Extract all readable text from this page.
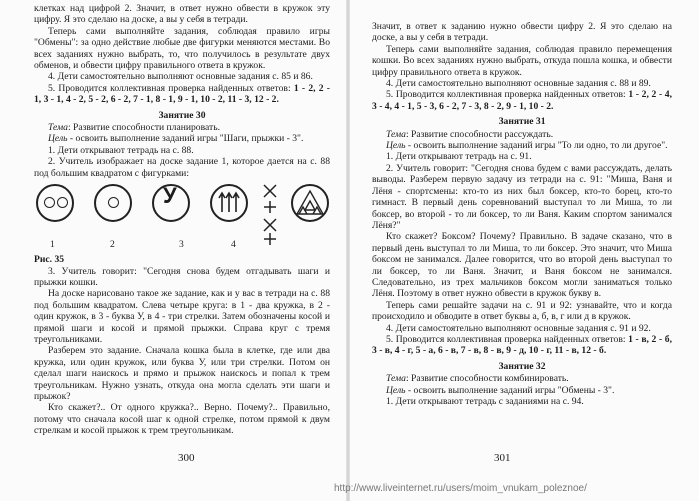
клетках над цифрой 2. Значит, в ответ нужно обвести в кружок эту цифру. Я это сделаю на доске, а вы у себя в тетради.

Теперь сами выполняйте задания, соблюдая правило игры "Обмены": за одно действие любые две фигурки меняются местами. Во всех заданиях нужно выбрать, то, что получилось в результате двух обменов, и обвести цифру правильного ответа в кружок.

4. Дети самостоятельно выполняют основные задания с. 85 и 86.

5. Проводится коллективная проверка найденных ответов: 1 - 2, 2 - 1, 3 - 1, 4 - 2, 5 - 2, 6 - 2, 7 - 1, 8 - 1, 9 - 1, 10 - 2, 11 - 3, 12 - 2.

Занятие 30

Тема: Развитие способности планировать.

Цель - освоить выполнение заданий игры "Шаги, прыжки - 3".

1. Дети открывают тетрадь на с. 88.

2. Учитель изображает на доске задание 1, которое дается на с. 88 под большим квадратом с фигурками:

У
1	2	3	4

Рис. 35

3. Учитель говорит: "Сегодня снова будем отгадывать шаги и прыжки кошки.

На доске нарисовано такое же задание, как и у вас в тетради на с. 88 под большим квадратом. Слева четыре круга: в 1 - два кружка, в 2 - один кружок, в 3 - буква У, в 4 - три стрелки. Затем обозначены косой и прямой шаги и косой и прямой прыжки. Справа круг с тремя треугольниками.

Разберем это задание. Сначала кошка была в клетке, где или два кружка, или один кружок, или буква У, или три стрелки. Потом он сделал шаги наискось и прямо и прыжок наискось и попал к трем треугольникам. Нужно узнать, откуда она могла сделать эти шаги и прыжок?

Кто скажет?.. От одного кружка?.. Верно. Почему?.. Правильно, потому что сначала косой шаг к одной стрелке, потом прямой к двум стрелкам и косой прыжок к трем треугольникам.

300

Значит, в ответ к заданию нужно обвести цифру 2. Я это сделаю на доске, а вы у себя в тетради.

Теперь сами выполняйте задания, соблюдая правило перемещения кошки. Во всех заданиях нужно выбрать, откуда пошла кошка, и обвести цифру правильного ответа в кружок.

4. Дети самостоятельно выполняют основные задания с. 88 и 89.

5. Проводится коллективная проверка найденных ответов: 1 - 2, 2 - 4, 3 - 4, 4 - 1, 5 - 3, 6 - 2, 7 - 3, 8 - 2, 9 - 1, 10 - 2.

Занятие 31

Тема: Развитие способности рассуждать.

Цель - освоить выполнение заданий игры "То ли одно, то ли другое".

1. Дети открывают тетрадь на с. 91.

2. Учитель говорит: "Сегодня снова будем с вами рассуждать, делать выводы. Разберем первую задачу из тетради на с. 91: "Миша, Ваня и Лёня - спортсмены: кто-то из них был боксер, кто-то борец, кто-то гимнаст. В первый день соревнований выступал то ли Миша, то ли боксер, во второй - то ли боксер, то ли Ваня. Каким спортом занимался Лёня?"

Кто скажет? Боксом? Почему? Правильно. В задаче сказано, что в первый день выступал то ли Миша, то ли боксер. Это значит, что Миша боксом не занимался. Далее говорится, что во второй день выступал то ли боксер, то ли Ваня. Значит, и Ваня боксом не занимался. Следовательно, из трех мальчиков боксом могли заниматься только Лёня. Поэтому в ответ нужно обвести в кружок букву в.

Теперь сами решайте задачи на с. 91 и 92: узнавайте, что и когда происходило и обводите в ответ буквы а, б, в, г или д в кружок.

4. Дети самостоятельно выполняют основные задания с. 91 и 92.

5. Проводится коллективная проверка найденных ответов: 1 - в, 2 - б, 3 - в, 4 - г, 5 - а, 6 - в, 7 - в, 8 - в, 9 - д, 10 - г, 11 - в, 12 - б.

Занятие 32

Тема: Развитие способности комбинировать.

Цель - освоить выполнение заданий игры "Обмены - 3".

1. Дети открывают тетрадь с заданиями на с. 94.

301
http://www.liveinternet.ru/users/moim_vnukam_poleznoe/
